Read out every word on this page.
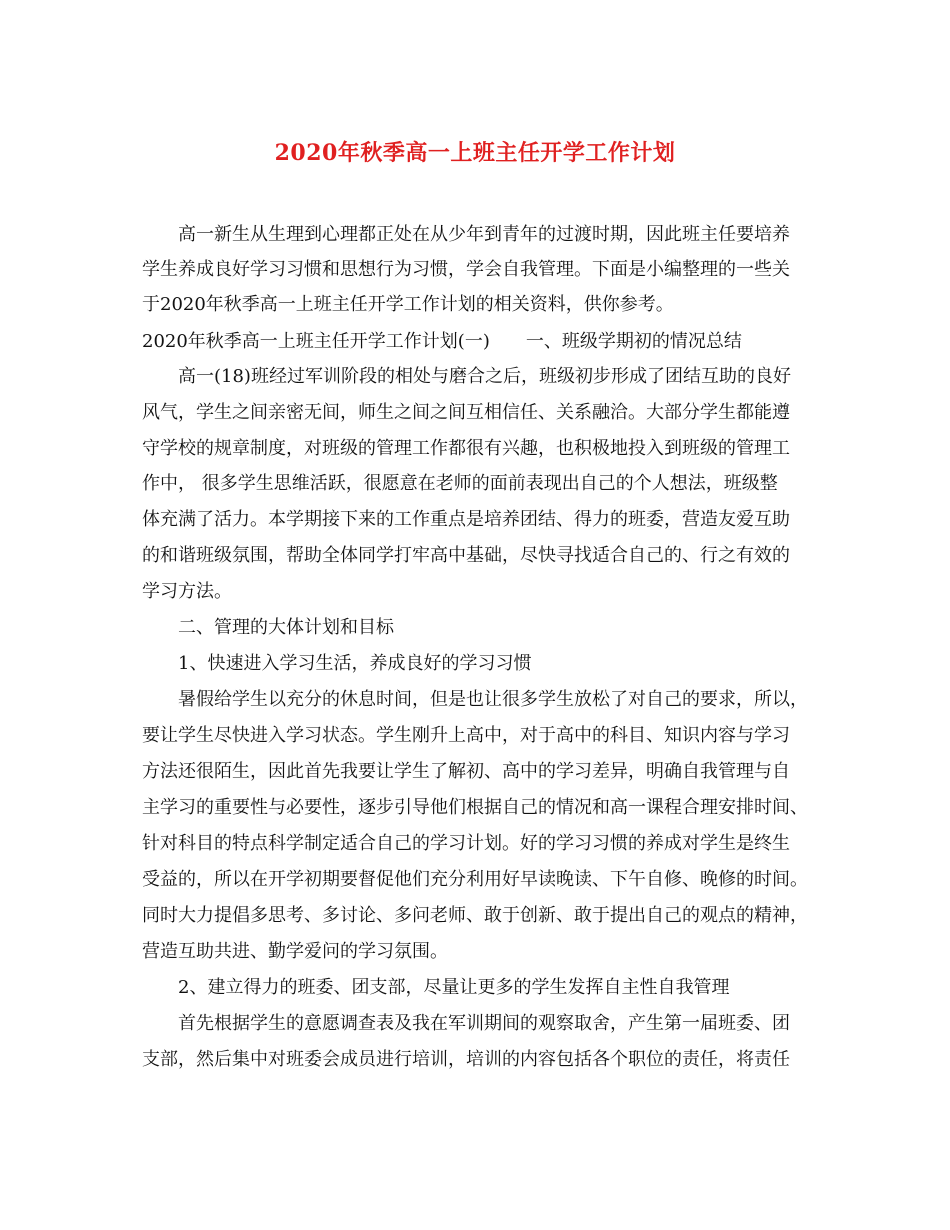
2020年秋季高一上班主任开学工作计划
高一新生从生理到心理都正处在从少年到青年的过渡时期，因此班主任要培养
学生养成良好学习习惯和思想行为习惯，学会自我管理。下面是小编整理的一些关
于2020年秋季高一上班主任开学工作计划的相关资料，供你参考。
2020年秋季高一上班主任开学工作计划(一)　　一、班级学期初的情况总结
高一(18)班经过军训阶段的相处与磨合之后，班级初步形成了团结互助的良好
风气，学生之间亲密无间，师生之间之间互相信任、关系融洽。大部分学生都能遵
守学校的规章制度，对班级的管理工作都很有兴趣，也积极地投入到班级的管理工
作中， 很多学生思维活跃，很愿意在老师的面前表现出自己的个人想法，班级整
体充满了活力。本学期接下来的工作重点是培养团结、得力的班委，营造友爱互助
的和谐班级氛围，帮助全体同学打牢高中基础，尽快寻找适合自己的、行之有效的
学习方法。
二、管理的大体计划和目标
1、快速进入学习生活，养成良好的学习习惯
暑假给学生以充分的休息时间，但是也让很多学生放松了对自己的要求，所以，
要让学生尽快进入学习状态。学生刚升上高中，对于高中的科目、知识内容与学习
方法还很陌生，因此首先我要让学生了解初、高中的学习差异，明确自我管理与自
主学习的重要性与必要性，逐步引导他们根据自己的情况和高一课程合理安排时间、
针对科目的特点科学制定适合自己的学习计划。好的学习习惯的养成对学生是终生
受益的，所以在开学初期要督促他们充分利用好早读晚读、下午自修、晚修的时间。
同时大力提倡多思考、多讨论、多问老师、敢于创新、敢于提出自己的观点的精神，
营造互助共进、勤学爱问的学习氛围。
2、建立得力的班委、团支部，尽量让更多的学生发挥自主性自我管理
首先根据学生的意愿调查表及我在军训期间的观察取舍，产生第一届班委、团
支部，然后集中对班委会成员进行培训，培训的内容包括各个职位的责任，将责任
